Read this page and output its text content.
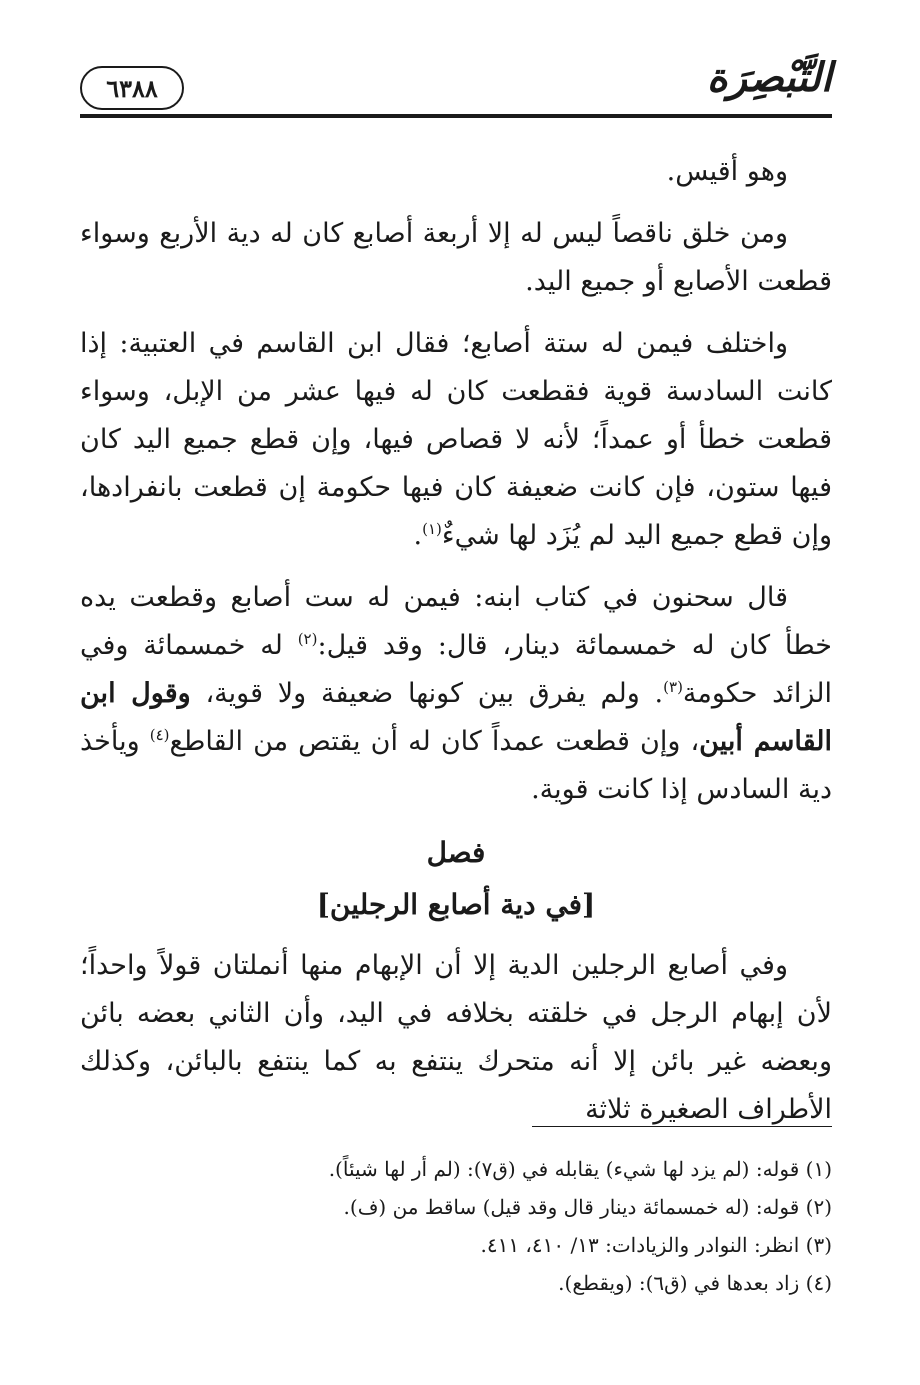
٦٣٨٨	التَّبْصِرَة

وهو أقيس.

ومن خلق ناقصاً ليس له إلا أربعة أصابع كان له دية الأربع وسواء قطعت الأصابع أو جميع اليد.

واختلف فيمن له ستة أصابع؛ فقال ابن القاسم في العتبية: إذا كانت السادسة قوية فقطعت كان له فيها عشر من الإبل، وسواء قطعت خطأ أو عمداً؛ لأنه لا قصاص فيها، وإن قطع جميع اليد كان فيها ستون، فإن كانت ضعيفة كان فيها حكومة إن قطعت بانفرادها، وإن قطع جميع اليد لم يُزَد لها شيءٌ$^{(١)}$.

قال سحنون في كتاب ابنه: فيمن له ست أصابع وقطعت يده خطأ كان له خمسمائة دينار، قال: وقد قيل:$^{(٢)}$ له خمسمائة وفي الزائد حكومة$^{(٣)}$. ولم يفرق بين كونها ضعيفة ولا قوية، وقول ابن القاسم أبين، وإن قطعت عمداً كان له أن يقتص من القاطع$^{(٤)}$ ويأخذ دية السادس إذا كانت قوية.

فصل
[في دية أصابع الرجلين]

وفي أصابع الرجلين الدية إلا أن الإبهام منها أنملتان قولاً واحداً؛ لأن إبهام الرجل في خلقته بخلافه في اليد، وأن الثاني بعضه بائن وبعضه غير بائن إلا أنه متحرك ينتفع به كما ينتفع بالبائن، وكذلك الأطراف الصغيرة ثلاثة

(١) قوله: (لم يزد لها شيء) يقابله في (ق٧): (لم أر لها شيئاً).

(٢) قوله: (له خمسمائة دينار قال وقد قيل) ساقط من (ف).

(٣) انظر: النوادر والزيادات: ١٣/ ٤١٠، ٤١١.

(٤) زاد بعدها في (ق٦): (ويقطع).
